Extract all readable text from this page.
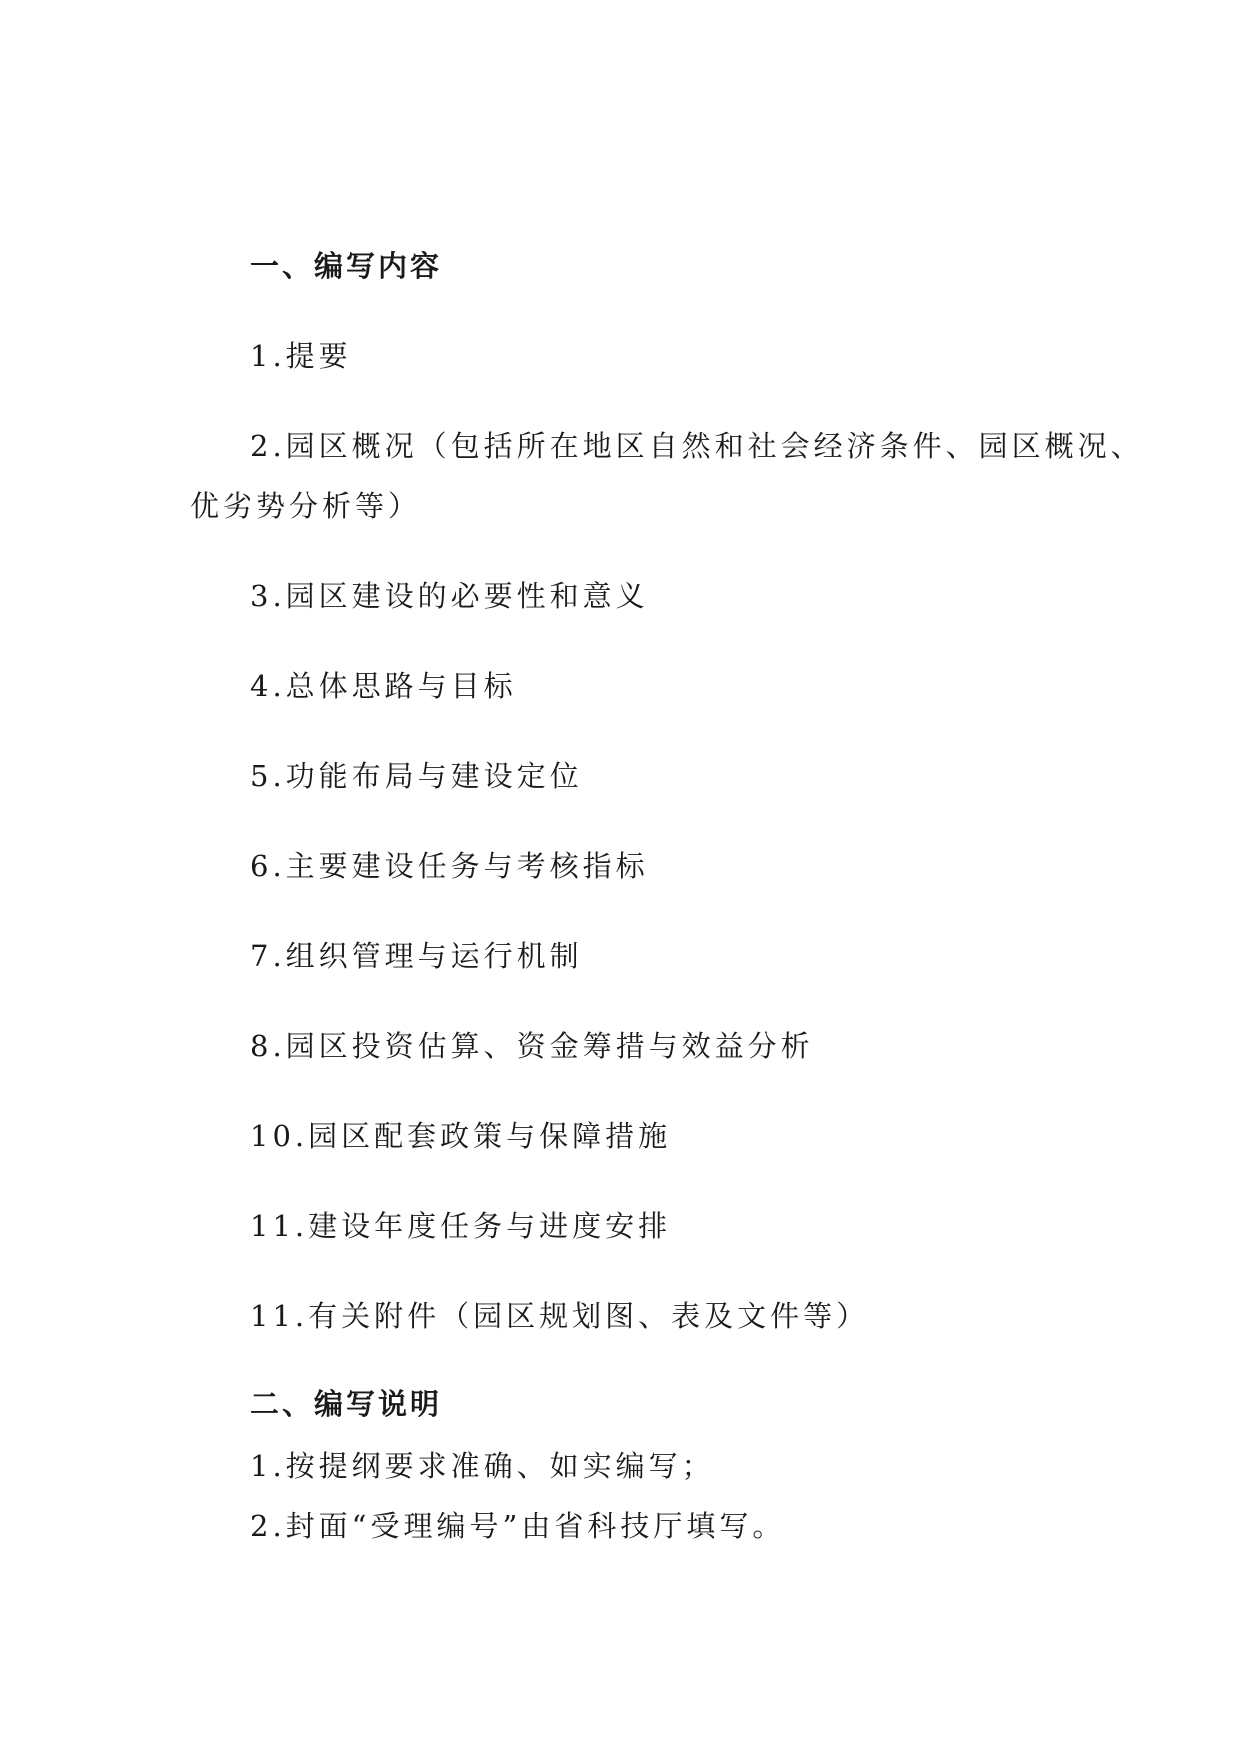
一、编写内容
1.提要
2.园区概况（包括所在地区自然和社会经济条件、园区概况、
优劣势分析等）
3.园区建设的必要性和意义
4.总体思路与目标
5.功能布局与建设定位
6.主要建设任务与考核指标
7.组织管理与运行机制
8.园区投资估算、资金筹措与效益分析
10.园区配套政策与保障措施
11.建设年度任务与进度安排
11.有关附件（园区规划图、表及文件等）
二、编写说明
1.按提纲要求准确、如实编写；
2.封面“受理编号”由省科技厅填写。
